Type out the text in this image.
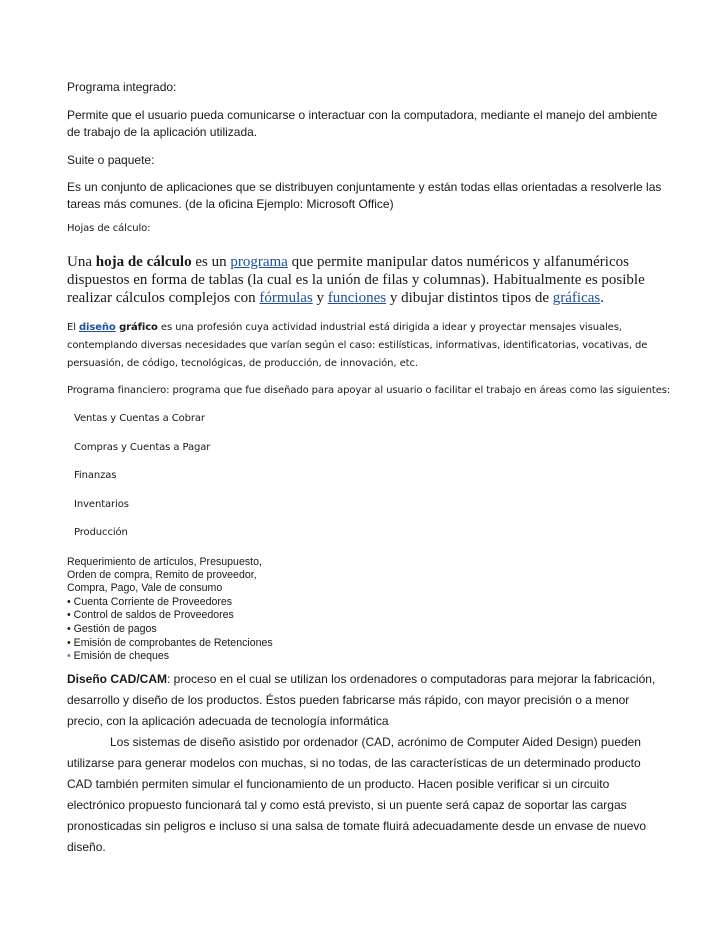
Programa integrado:

Permite que el usuario pueda comunicarse o interactuar con la computadora, mediante el manejo del ambiente

de trabajo de la aplicación utilizada.

Suite o paquete:

Es un conjunto de aplicaciones que se distribuyen conjuntamente y están todas ellas orientadas a resolverle las

tareas más comunes. (de la oficina Ejemplo: Microsoft Office)

Hojas de cálculo:

Una hoja de cálculo es un programa que permite manipular datos numéricos y alfanuméricos

dispuestos en forma de tablas (la cual es la unión de filas y columnas). Habitualmente es posible

realizar cálculos complejos con fórmulas y funciones y dibujar distintos tipos de gráficas.

El diseño gráfico es una profesión cuya actividad industrial está dirigida a idear y proyectar mensajes visuales,

contemplando diversas necesidades que varían según el caso: estilísticas, informativas, identificatorias, vocativas, de

persuasión, de código, tecnológicas, de producción, de innovación, etc.

Programa financiero: programa que fue diseñado para apoyar al usuario o facilitar el trabajo en áreas como las siguientes:

Ventas y Cuentas a Cobrar

Compras y Cuentas a Pagar

Finanzas

Inventarios

Producción

Requerimiento de artículos, Presupuesto,

Orden de compra, Remito de proveedor,

Compra, Pago, Vale de consumo

• Cuenta Corriente de Proveedores

• Control de saldos de Proveedores

• Gestión de pagos

• Emisión de comprobantes de Retenciones

• Emisión de cheques

Diseño CAD/CAM: proceso en el cual se utilizan los ordenadores o computadoras para mejorar la fabricación,

desarrollo y diseño de los productos. Éstos pueden fabricarse más rápido, con mayor precisión o a menor

precio, con la aplicación adecuada de tecnología informática

Los sistemas de diseño asistido por ordenador (CAD, acrónimo de Computer Aided Design) pueden

utilizarse para generar modelos con muchas, si no todas, de las características de un determinado producto

CAD también permiten simular el funcionamiento de un producto. Hacen posible verificar si un circuito

electrónico propuesto funcionará tal y como está previsto, si un puente será capaz de soportar las cargas

pronosticadas sin peligros e incluso si una salsa de tomate fluirá adecuadamente desde un envase de nuevo

diseño.
